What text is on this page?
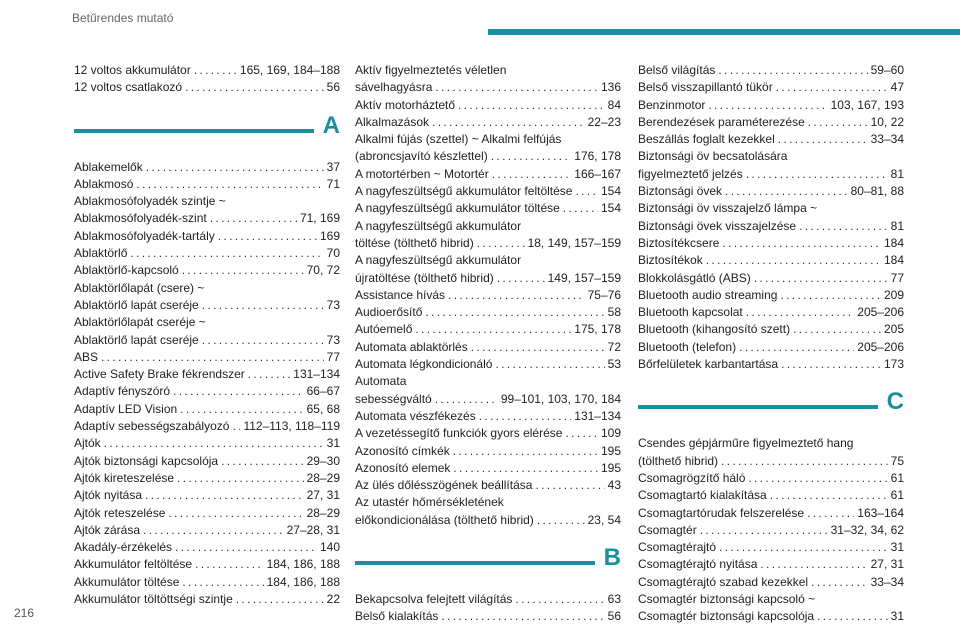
Betűrendes mutató
12 voltos akkumulátor . . .	165, 169, 184–188
12 voltos csatlakozó . . .	56
A
Ablakemelők . . .	37
Ablakmosó . . .	71
Ablakmosófolyadék szintje ~
Ablakmosófolyadék-szint . . .	71, 169
Ablakmosófolyadék-tartály . . .	169
Ablaktörlő . . .	70
Ablaktörlő-kapcsoló . . .	70, 72
Ablaktörlőlapát (csere) ~
Ablaktörlő lapát cseréje . . .	73
Ablaktörlőlapát cseréje ~
Ablaktörlő lapát cseréje . . .	73
ABS . . .	77
Active Safety Brake fékrendszer . . .	131–134
Adaptív fényszóró . . .	66–67
Adaptív LED Vision . . .	65, 68
Adaptív sebességszabályozó . . . 112–113, 118–119
Ajtók . . .	31
Ajtók biztonsági kapcsolója . . .	29–30
Ajtók kireteszelése . . .	28–29
Ajtók nyitása . . .	27, 31
Ajtók reteszelése . . .	28–29
Ajtók zárása . . .	27–28, 31
Akadály-érzékelés . . .	140
Akkumulátor feltöltése . . .	184, 186, 188
Akkumulátor töltése . . .	184, 186, 188
Akkumulátor töltöttségi szintje . . .	22
Aktív figyelmeztetés véletlen
sávelhagyásra . . .	136
Aktív motorháztető . . .	84
Alkalmazások . . .	22–23
Alkalmi fújás (szettel) ~ Alkalmi felfújás
(abroncsjavító készlettel) . . .	176, 178
A motortérben ~ Motortér . . .	166–167
A nagyfeszültségű akkumulátor feltöltése . . . 154
A nagyfeszültségű akkumulátor töltése . . .	154
A nagyfeszültségű akkumulátor
töltése (tölthető hibrid) . . .	18, 149, 157–159
A nagyfeszültségű akkumulátor
újratöltése (tölthető hibrid) . . .	149, 157–159
Assistance hívás . . .	75–76
Audioerősítő . . .	58
Autóemelő . . .	175, 178
Automata ablaktörlés . . .	72
Automata légkondicionáló . . .	53
Automata
sebességváltó . . .	99–101, 103, 170, 184
Automata vészfékezés . . .	131–134
A vezetéssegítő funkciók gyors elérése . . .	109
Azonosító címkék . . .	195
Azonosító elemek . . .	195
Az ülés dőlésszögének beállítása . . .	43
Az utastér hőmérsékletének
előkondicionálása (tölthető hibrid) . . .	23, 54
B
Bekapcsolva felejtett világítás . . .	63
Belső kialakítás . . .	56
Belső világítás . . .	59–60
Belső visszapillantó tükör . . .	47
Benzinmotor . . .	103, 167, 193
Berendezések paraméterezése . . .	10, 22
Beszállás foglalt kezekkel . . .	33–34
Biztonsági öv becsatolására
figyelmeztető jelzés . . .	81
Biztonsági övek . . .	80–81, 88
Biztonsági öv visszajelző lámpa ~
Biztonsági övek visszajelzése . . .	81
Biztosítékcsere . . .	184
Biztosítékok . . .	184
Blokkolásgátló (ABS) . . .	77
Bluetooth audio streaming . . .	209
Bluetooth kapcsolat . . .	205–206
Bluetooth (kihangosító szett) . . .	205
Bluetooth (telefon) . . .	205–206
Bőrfelületek karbantartása . . .	173
C
Csendes gépjárműre figyelmeztető hang
(tölthető hibrid) . . .	75
Csomagrögzítő háló . . .	61
Csomagtartó kialakítása . . .	61
Csomagtartórudak felszerelése . . .	163–164
Csomagtér . . .	31–32, 34, 62
Csomagtérajtó . . .	31
Csomagtérajtó nyitása . . .	27, 31
Csomagtérajtó szabad kezekkel . . .	33–34
Csomagtér biztonsági kapcsoló ~
Csomagtér biztonsági kapcsolója . . .	31
216
